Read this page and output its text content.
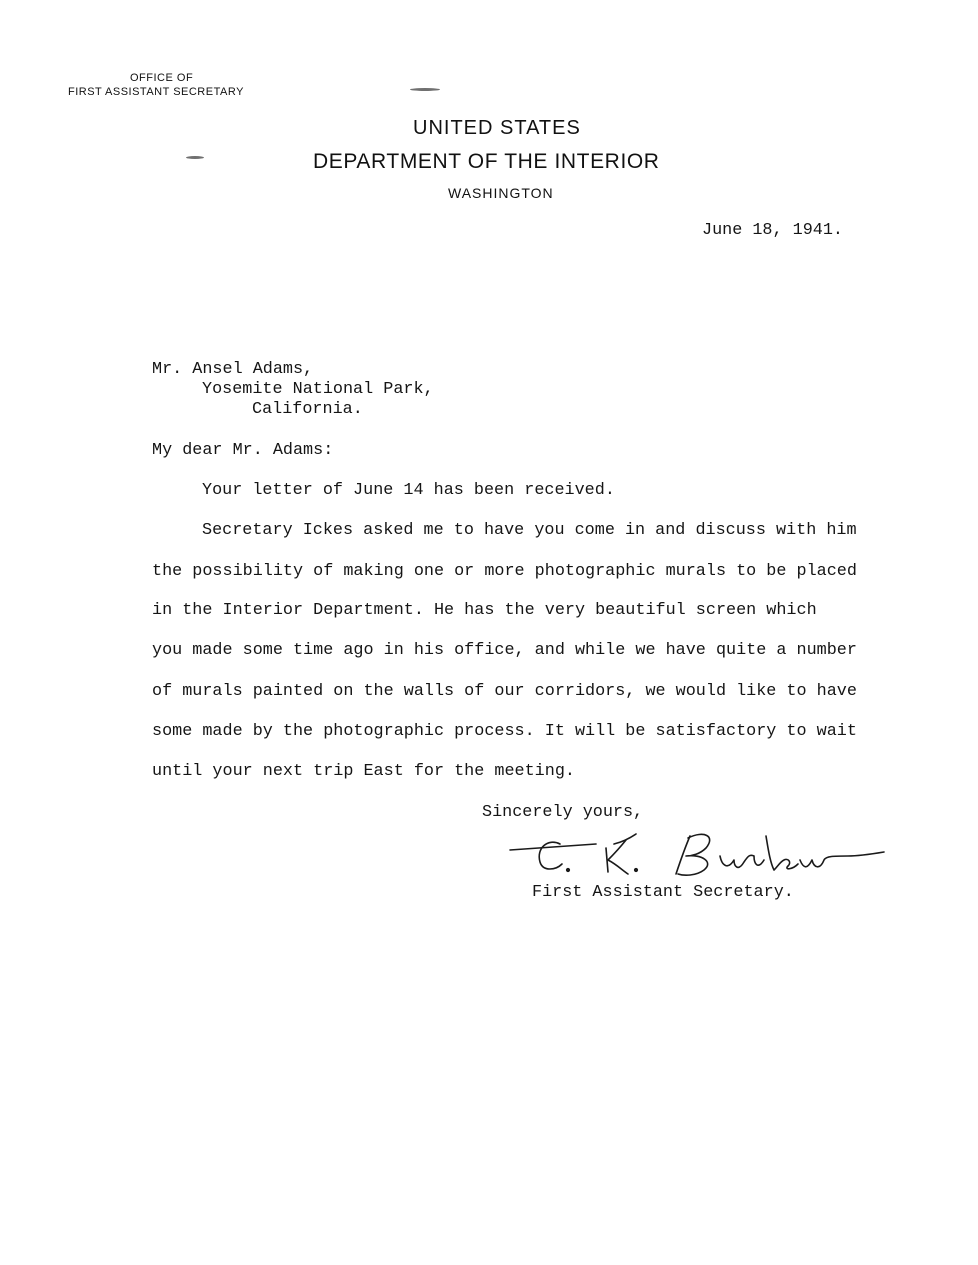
OFFICE OF
FIRST ASSISTANT SECRETARY
UNITED STATES
DEPARTMENT OF THE INTERIOR
WASHINGTON
June 18, 1941.
Mr. Ansel Adams,
Yosemite National Park,
California.
My dear Mr. Adams:
Your letter of June 14 has been received.
Secretary Ickes asked me to have you come in and discuss with him
the possibility of making one or more photographic murals to be placed
in the Interior Department. He has the very beautiful screen which
you made some time ago in his office, and while we have quite a number
of murals painted on the walls of our corridors, we would like to have
some made by the photographic process. It will be satisfactory to wait
until your next trip East for the meeting.
Sincerely yours,
First Assistant Secretary.
